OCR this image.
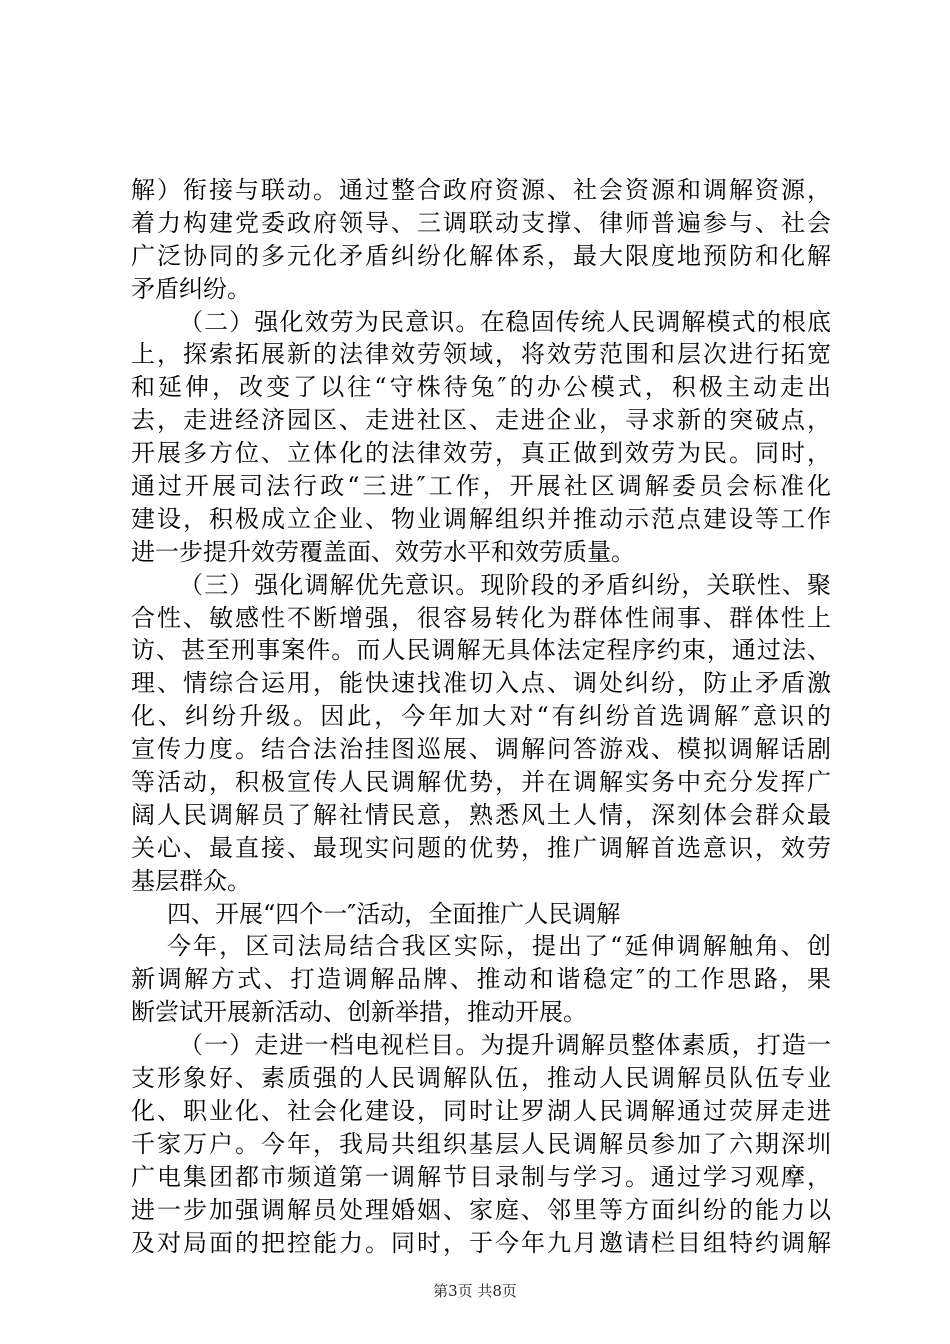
解）衔接与联动。通过整合政府资源、社会资源和调解资源，
着力构建党委政府领导、三调联动支撑、律师普遍参与、社会
广泛协同的多元化矛盾纠纷化解体系，最大限度地预防和化解
矛盾纠纷。
（二）强化效劳为民意识。在稳固传统人民调解模式的根底
上，探索拓展新的法律效劳领域，将效劳范围和层次进行拓宽
和延伸，改变了以往“守株待兔″的办公模式，积极主动走出
去，走进经济园区、走进社区、走进企业，寻求新的突破点，
开展多方位、立体化的法律效劳，真正做到效劳为民。同时，
通过开展司法行政“三进″工作，开展社区调解委员会标准化
建设，积极成立企业、物业调解组织并推动示范点建设等工作
进一步提升效劳覆盖面、效劳水平和效劳质量。
（三）强化调解优先意识。现阶段的矛盾纠纷，关联性、聚
合性、敏感性不断增强，很容易转化为群体性闹事、群体性上
访、甚至刑事案件。而人民调解无具体法定程序约束，通过法、
理、情综合运用，能快速找准切入点、调处纠纷，防止矛盾激
化、纠纷升级。因此，今年加大对“有纠纷首选调解″意识的
宣传力度。结合法治挂图巡展、调解问答游戏、模拟调解话剧
等活动，积极宣传人民调解优势，并在调解实务中充分发挥广
阔人民调解员了解社情民意，熟悉风土人情，深刻体会群众最
关心、最直接、最现实问题的优势，推广调解首选意识，效劳
基层群众。
四、开展“四个一″活动，全面推广人民调解
今年，区司法局结合我区实际，提出了“延伸调解触角、创
新调解方式、打造调解品牌、推动和谐稳定″的工作思路，果
断尝试开展新活动、创新举措，推动开展。
（一）走进一档电视栏目。为提升调解员整体素质，打造一
支形象好、素质强的人民调解队伍，推动人民调解员队伍专业
化、职业化、社会化建设，同时让罗湖人民调解通过荧屏走进
千家万户。今年，我局共组织基层人民调解员参加了六期深圳
广电集团都市频道第一调解节目录制与学习。通过学习观摩，
进一步加强调解员处理婚姻、家庭、邻里等方面纠纷的能力以
及对局面的把控能力。同时，于今年九月邀请栏目组特约调解
第3页 共8页
